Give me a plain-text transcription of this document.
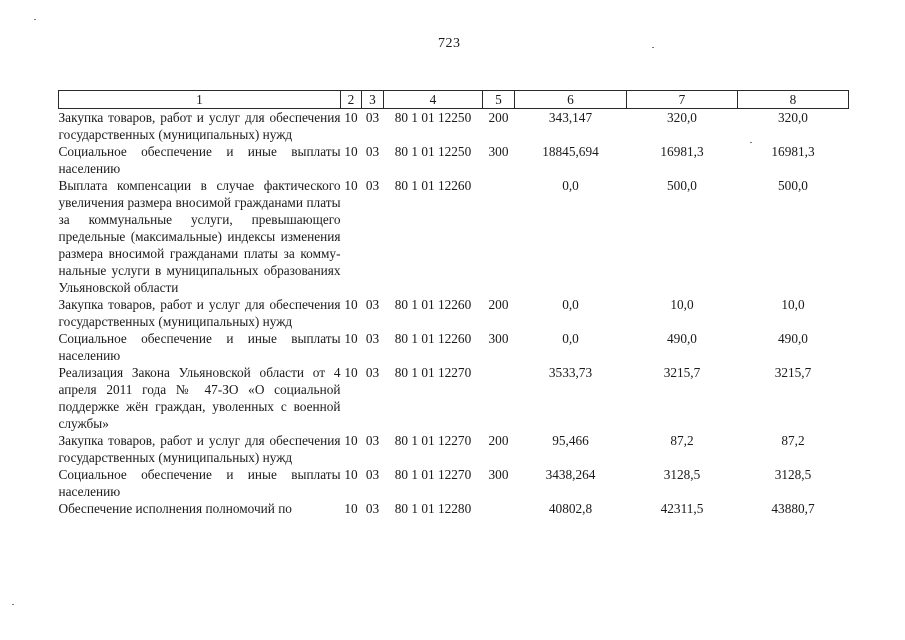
723
1	2	3	4	5	6	7	8
Закупка товаров, работ и услуг для обеспечения государственных (муниципальных) нужд	10	03	80 1 01 12250	200	343,147	320,0	320,0
Социальное обеспечение и иные выплаты населению	10	03	80 1 01 12250	300	18845,694	16981,3	16981,3
Выплата компенсации в случае фактического увеличения размера вносимой гражданами платы за коммунальные услуги, превышающего предельные (максимальные) индексы изменения размера вносимой гражданами платы за коммунальные услуги в муниципальных образованиях Ульяновской области	10	03	80 1 01 12260		0,0	500,0	500,0
Закупка товаров, работ и услуг для обеспечения государственных (муниципальных) нужд	10	03	80 1 01 12260	200	0,0	10,0	10,0
Социальное обеспечение и иные выплаты населению	10	03	80 1 01 12260	300	0,0	490,0	490,0
Реализация Закона Ульяновской области от 4 апреля 2011 года № 47-ЗО «О социальной поддержке жён граждан, уволенных с военной службы»	10	03	80 1 01 12270		3533,73	3215,7	3215,7
Закупка товаров, работ и услуг для обеспечения государственных (муниципальных) нужд	10	03	80 1 01 12270	200	95,466	87,2	87,2
Социальное обеспечение и иные выплаты населению	10	03	80 1 01 12270	300	3438,264	3128,5	3128,5
Обеспечение исполнения полномочий по	10	03	80 1 01 12280		40802,8	42311,5	43880,7
